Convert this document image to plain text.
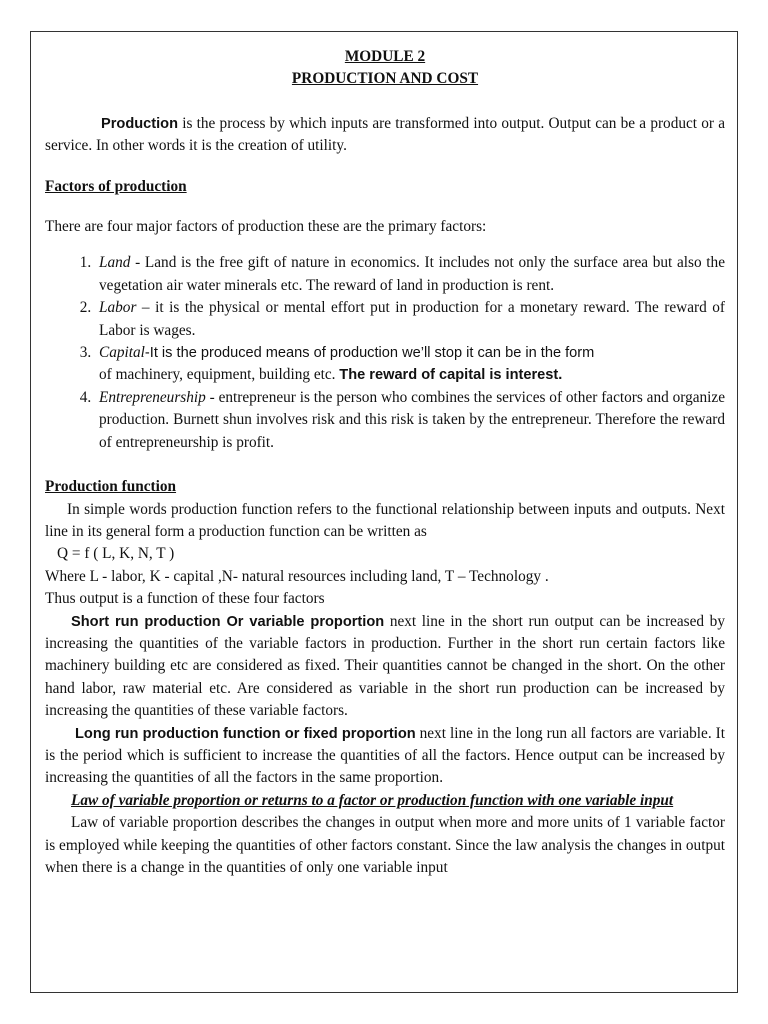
MODULE 2
PRODUCTION AND COST

Production is the process by which inputs are transformed into output. Output can be a product or a service. In other words it is the creation of utility.

Factors of production

There are four major factors of production these are the primary factors:

1. Land - Land is the free gift of nature in economics. It includes not only the surface area but also the vegetation air water minerals etc. The reward of land in production is rent.
2. Labor – it is the physical or mental effort put in production for a monetary reward. The reward of Labor is wages.
3. Capital-It is the produced means of production we’ll stop it can be in the form
of machinery, equipment, building etc. The reward of capital is interest.
4. Entrepreneurship - entrepreneur is the person who combines the services of other factors and organize production. Burnett shun involves risk and this risk is taken by the entrepreneur. Therefore the reward of entrepreneurship is profit.
Production function

In simple words production function refers to the functional relationship between inputs and outputs. Next line in its general form a production function can be written as

Q = f ( L, K, N, T )

Where L - labor, K - capital ,N- natural resources including land, T – Technology .

Thus output is a function of these four factors

Short run production Or variable proportion next line in the short run output can be increased by increasing the quantities of the variable factors in production. Further in the short run certain factors like machinery building etc are considered as fixed. Their quantities cannot be changed in the short. On the other hand labor, raw material etc. Are considered as variable in the short run production can be increased by increasing the quantities of these variable factors.

Long run production function or fixed proportion next line in the long run all factors are variable. It is the period which is sufficient to increase the quantities of all the factors. Hence output can be increased by increasing the quantities of all the factors in the same proportion.

Law of variable proportion or returns to a factor or production function with one variable input

Law of variable proportion describes the changes in output when more and more units of 1 variable factor is employed while keeping the quantities of other factors constant. Since the law analysis the changes in output when there is a change in the quantities of only one variable input
